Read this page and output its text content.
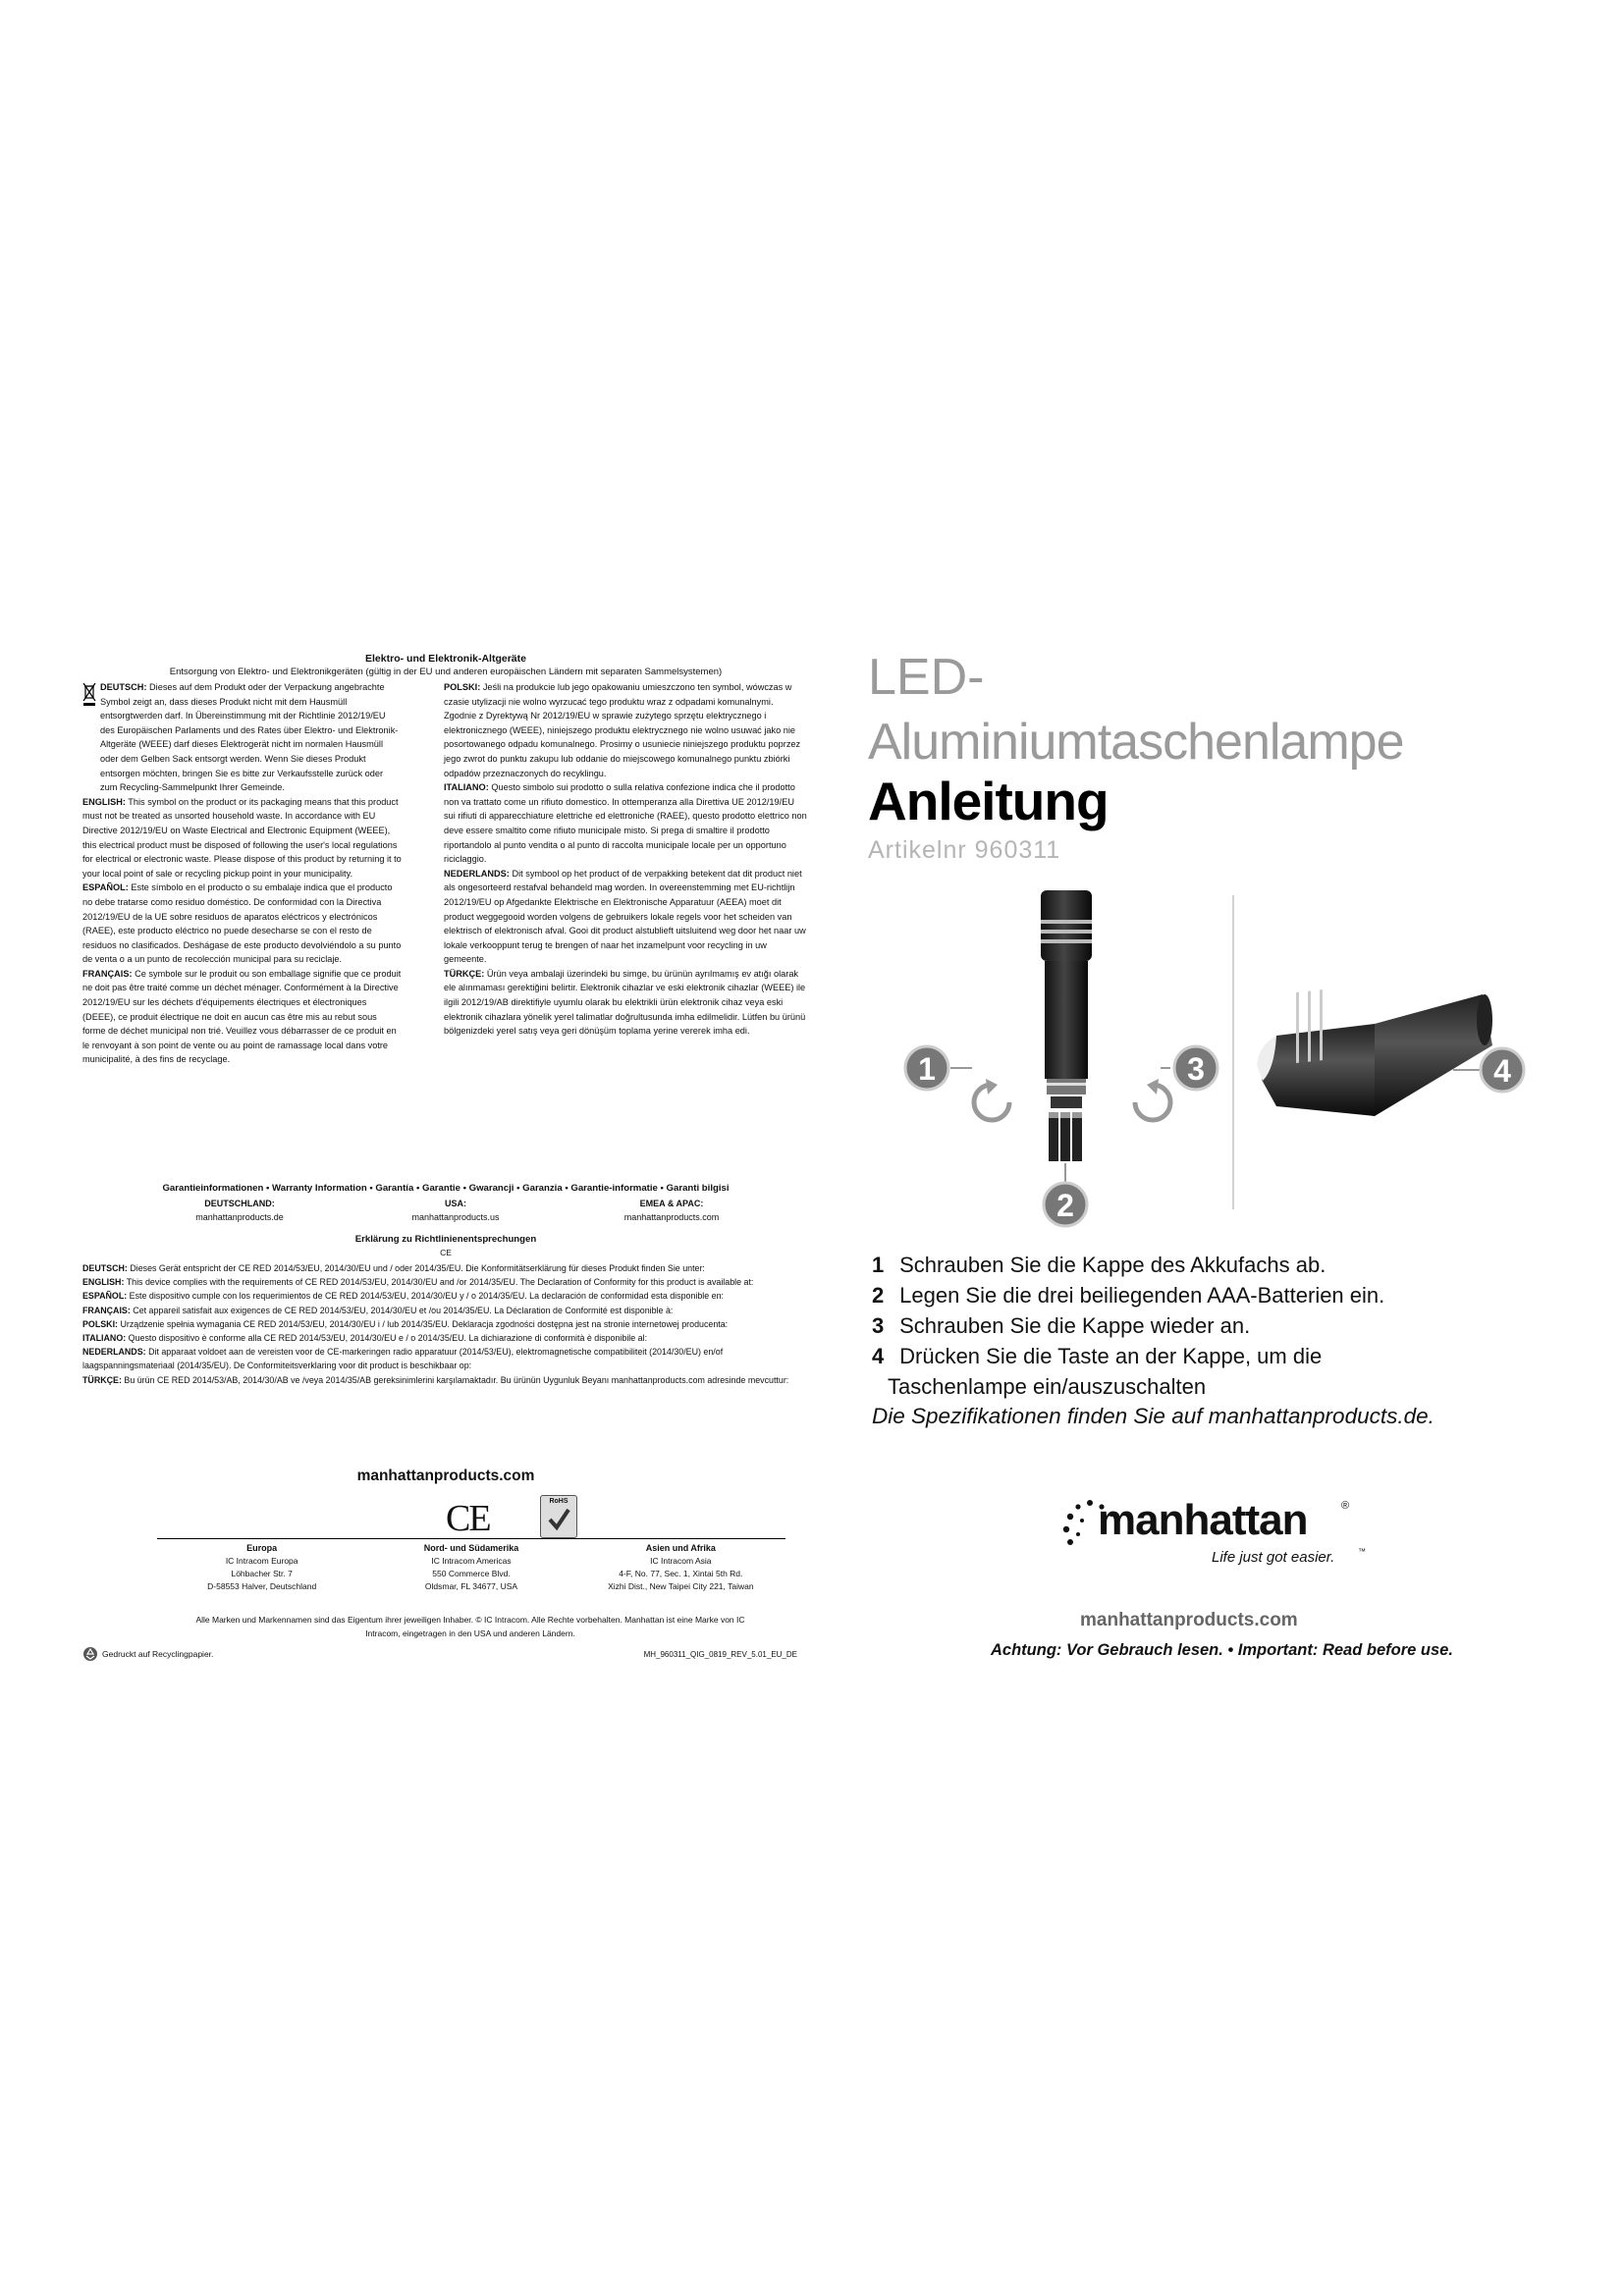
Elektro- und Elektronik-Altgeräte
Entsorgung von Elektro- und Elektronikgeräten (gültig in der EU und anderen europäischen Ländern mit separaten Sammelsystemen)

DEUTSCH: Dieses auf dem Produkt oder der Verpackung angebrachte Symbol zeigt an, dass dieses Produkt nicht mit dem Hausmüll entsorgtwerden darf. In Übereinstimmung mit der Richtlinie 2012/19/EU des Europäischen Parlaments und des Rates über Elektro- und Elektronik-Altgeräte (WEEE) darf dieses Elektrogerät nicht im normalen Hausmüll oder dem Gelben Sack entsorgt werden. Wenn Sie dieses Produkt entsorgen möchten, bringen Sie es bitte zur Verkaufsstelle zurück oder zum Recycling-Sammelpunkt Ihrer Gemeinde.

ENGLISH: This symbol on the product or its packaging means that this product must not be treated as unsorted household waste. In accordance with EU Directive 2012/19/EU on Waste Electrical and Electronic Equipment (WEEE), this electrical product must be disposed of following the user's local regulations for electrical or electronic waste. Please dispose of this product by returning it to your local point of sale or recycling pickup point in your municipality.

ESPAÑOL: Este símbolo en el producto o su embalaje indica que el producto no debe tratarse como residuo doméstico. De conformidad con la Directiva 2012/19/EU de la UE sobre residuos de aparatos eléctricos y electrónicos (RAEE), este producto eléctrico no puede desecharse se con el resto de residuos no clasificados. Deshágase de este producto devolviéndolo a su punto de venta o a un punto de recolección municipal para su reciclaje.

FRANÇAIS: Ce symbole sur le produit ou son emballage signifie que ce produit ne doit pas être traité comme un déchet ménager. Conformément à la Directive 2012/19/EU sur les déchets d'équipements électriques et électroniques (DEEE), ce produit électrique ne doit en aucun cas être mis au rebut sous forme de déchet municipal non trié. Veuillez vous débarrasser de ce produit en le renvoyant à son point de vente ou au point de ramassage local dans votre municipalité, à des fins de recyclage.

POLSKI: Jeśli na produkcie lub jego opakowaniu umieszczono ten symbol, wówczas w czasie utylizacji nie wolno wyrzucać tego produktu wraz z odpadami komunalnymi. Zgodnie z Dyrektywą Nr 2012/19/EU w sprawie zużytego sprzętu elektrycznego i elektronicznego (WEEE), niniejszego produktu elektrycznego nie wolno usuwać jako nie posortowanego odpadu komunalnego. Prosimy o usuniecie niniejszego produktu poprzez jego zwrot do punktu zakupu lub oddanie do miejscowego komunalnego punktu zbiórki odpadów przeznaczonych do recyklingu.

ITALIANO: Questo simbolo sui prodotto o sulla relativa confezione indica che il prodotto non va trattato come un rifiuto domestico. In ottemperanza alla Direttiva UE 2012/19/EU sui rifiuti di apparecchiature elettriche ed elettroniche (RAEE), questo prodotto elettrico non deve essere smaltito come rifiuto municipale misto. Si prega di smaltire il prodotto riportandolo al punto vendita o al punto di raccolta municipale locale per un opportuno riciclaggio.

NEDERLANDS: Dit symbool op het product of de verpakking betekent dat dit product niet als ongesorteerd restafval behandeld mag worden. In overeenstemming met EU-richtlijn 2012/19/EU op Afgedankte Elektrische en Elektronische Apparatuur (AEEA) moet dit product weggegooid worden volgens de gebruikers lokale regels voor het scheiden van elektrisch of elektronisch afval. Gooi dit product alstublieft uitsluitend weg door het naar uw lokale verkooppunt terug te brengen of naar het inzamelpunt voor recycling in uw gemeente.

TÜRKÇE: Ürün veya ambalaji üzerindeki bu simge, bu ürünün ayrılmamış ev atığı olarak ele alınmaması gerektiğini belirtir. Elektronik cihazlar ve eski elektronik cihazlar (WEEE) ile ilgili 2012/19/AB direktifiyle uyumlu olarak bu elektrikli ürün elektronik cihaz veya eski elektronik cihazlara yönelik yerel talimatlar doğrultusunda imha edilmelidir. Lütfen bu ürünü bölgenizdeki yerel satış veya geri dönüşüm toplama yerine vererek imha edi.

Garantieinformationen • Warranty Information • Garantía • Garantie • Gwarancji • Garanzia • Garantie-informatie • Garanti bilgisi
DEUTSCHLAND:	USA:	EMEA & APAC:
manhattanproducts.de	manhattanproducts.us	manhattanproducts.com
Erklärung zu Richtlinienentsprechungen
CE

DEUTSCH: Dieses Gerät entspricht der CE RED 2014/53/EU, 2014/30/EU und / oder 2014/35/EU. Die Konformitätserklärung für dieses Produkt finden Sie unter:

ENGLISH: This device complies with the requirements of CE RED 2014/53/EU, 2014/30/EU and /or 2014/35/EU. The Declaration of Conformity for this product is available at:

ESPAÑOL: Este dispositivo cumple con los requerimientos de CE RED 2014/53/EU, 2014/30/EU y / o 2014/35/EU. La declaración de conformidad esta disponible en:

FRANÇAIS: Cet appareil satisfait aux exigences de CE RED 2014/53/EU, 2014/30/EU et /ou 2014/35/EU. La Déclaration de Conformité est disponible à:

POLSKI: Urządzenie spełnia wymagania CE RED 2014/53/EU, 2014/30/EU i / lub 2014/35/EU. Deklaracja zgodności dostępna jest na stronie internetowej producenta:

ITALIANO: Questo dispositivo è conforme alla CE RED 2014/53/EU, 2014/30/EU e / o 2014/35/EU. La dichiarazione di conformità è disponibile al:

NEDERLANDS: Dit apparaat voldoet aan de vereisten voor de CE-markeringen radio apparatuur (2014/53/EU), elektromagnetische compatibiliteit (2014/30/EU) en/of laagspanningsmateriaal (2014/35/EU). De Conformiteitsverklaring voor dit product is beschikbaar op:

TÜRKÇE: Bu ürün CE RED 2014/53/AB, 2014/30/AB ve /veya 2014/35/AB gereksinimlerini karşılamaktadır. Bu ürünün Uygunluk Beyanı manhattanproducts.com adresinde mevcuttur:

manhattanproducts.com
CE	RoHS
Europa
IC Intracom Europa
Löhbacher Str. 7
D-58553 Halver, Deutschland
Nord- und Südamerika
IC Intracom Americas
550 Commerce Blvd.
Oldsmar, FL 34677, USA
Asien und Afrika
IC Intracom Asia
4-F, No. 77, Sec. 1, Xintai 5th Rd.
Xizhi Dist., New Taipei City 221, Taiwan
Alle Marken und Markennamen sind das Eigentum ihrer jeweiligen Inhaber. © IC Intracom. Alle Rechte vorbehalten. Manhattan ist eine Marke von IC Intracom, eingetragen in den USA und anderen Ländern.
Gedruckt auf Recyclingpapier.	MH_960311_QIG_0819_REV_5.01_EU_DE
LED-
Aluminiumtaschenlampe
Anleitung
Artikelnr 960311
1	3
2
4
1 Schrauben Sie die Kappe des Akkufachs ab.
2 Legen Sie die drei beiliegenden AAA-Batterien ein.
3 Schrauben Sie die Kappe wieder an.
4 Drücken Sie die Taste an der Kappe, um die
Taschenlampe ein/auszuschalten
Die Spezifikationen finden Sie auf manhattanproducts.de.
manhattan	®
Life just got easier.	™
manhattanproducts.com
Achtung: Vor Gebrauch lesen. • Important: Read before use.
